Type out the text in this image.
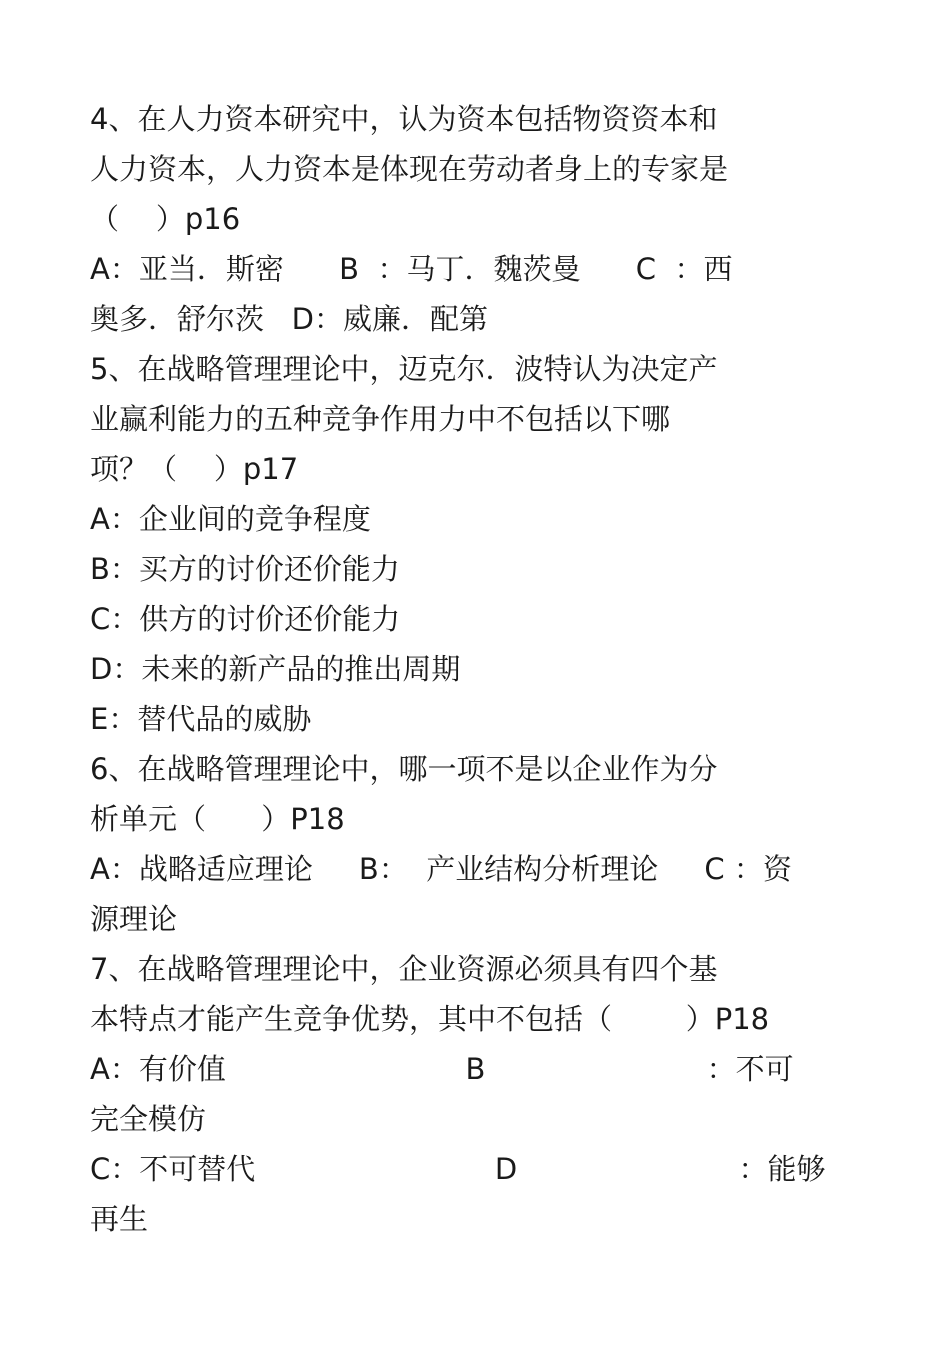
4、在人力资本研究中，认为资本包括物资资本和
人力资本，人力资本是体现在劳动者身上的专家是
（    ）p16
A：亚当．斯密      B  ：马丁．魏茨曼      C  ：西
奥多．舒尔茨   D：威廉．配第
5、在战略管理理论中，迈克尔．波特认为决定产
业赢利能力的五种竞争作用力中不包括以下哪
项？（    ）p17
A：企业间的竞争程度
B：买方的讨价还价能力
C：供方的讨价还价能力
D：未来的新产品的推出周期
E：替代品的威胁
6、在战略管理理论中，哪一项不是以企业作为分
析单元（      ）P18
A：战略适应理论     B：  产业结构分析理论     C ：资
源理论
7、在战略管理理论中，企业资源必须具有四个基
本特点才能产生竞争优势，其中不包括（        ）P18
A：有价值                          B                        ：不可
完全模仿
C：不可替代                          D                        ：能够
再生
